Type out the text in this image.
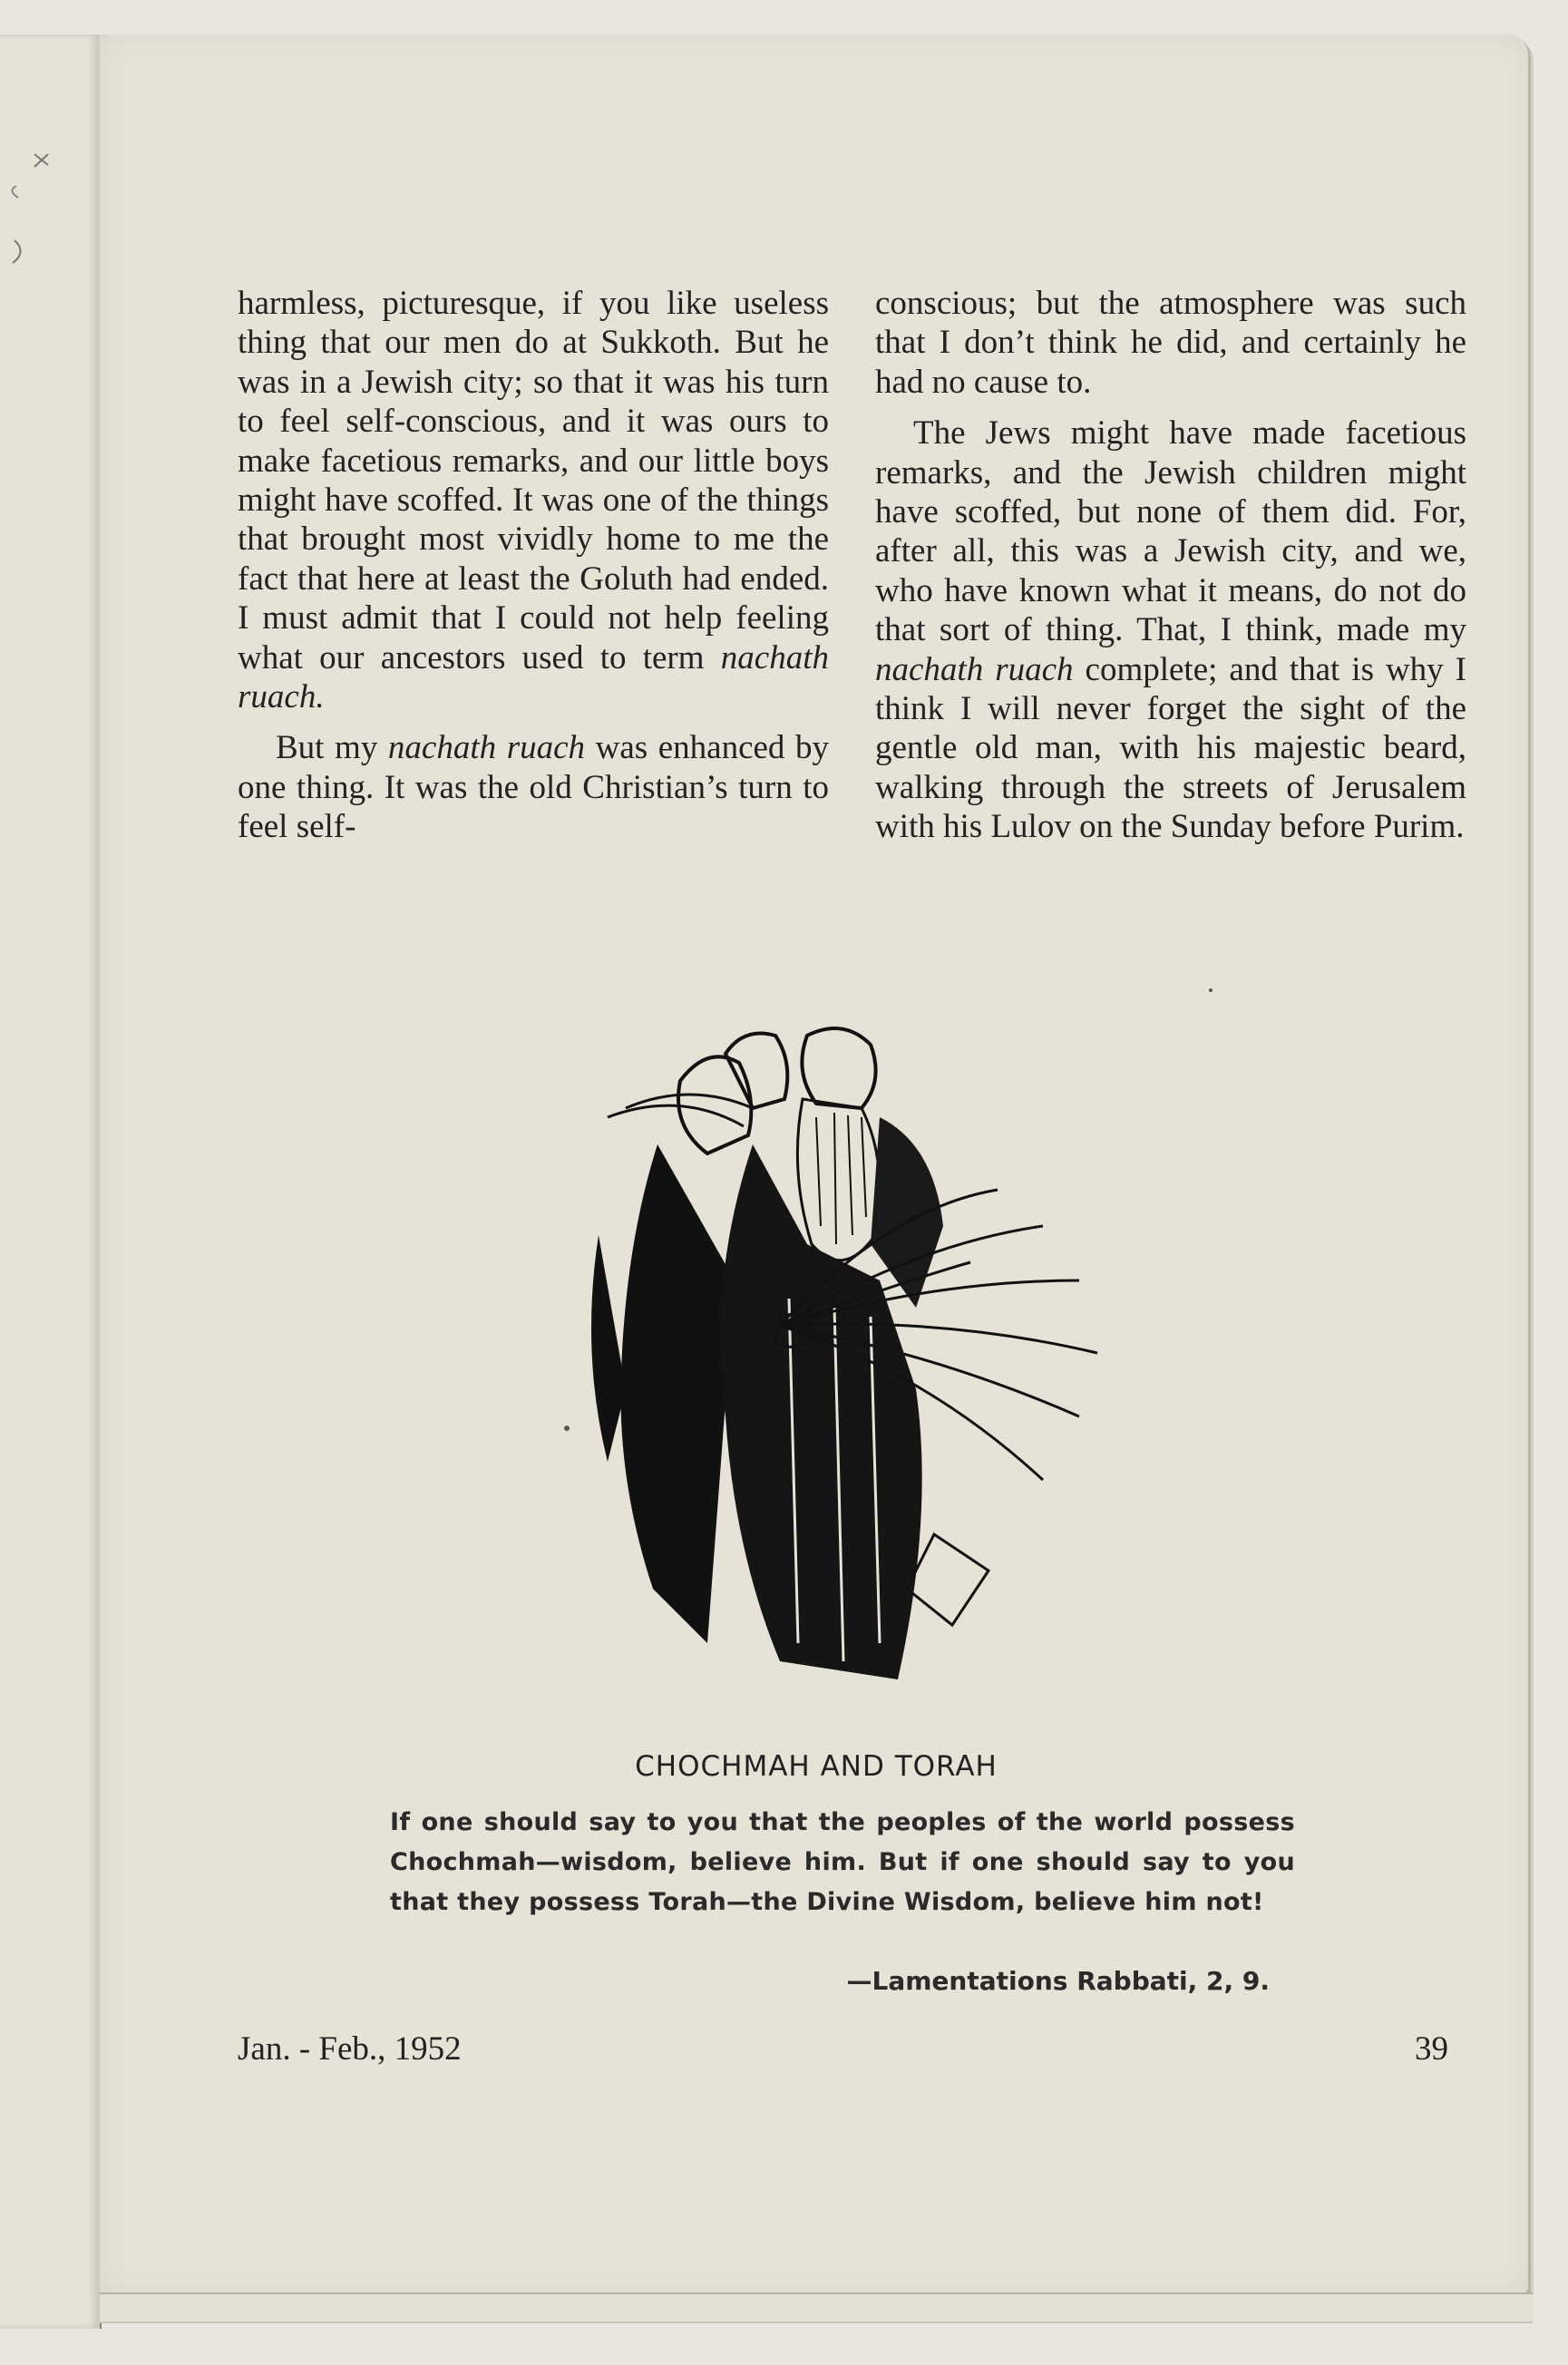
harmless, picturesque, if you like useless thing that our men do at Sukkoth. But he was in a Jewish city; so that it was his turn to feel self-conscious, and it was ours to make facetious remarks, and our little boys might have scoffed. It was one of the things that brought most vividly home to me the fact that here at least the Goluth had ended. I must admit that I could not help feeling what our ancestors used to term nachath ruach.

But my nachath ruach was enhanced by one thing. It was the old Christian’s turn to feel self-

conscious; but the atmosphere was such that I don’t think he did, and certainly he had no cause to.

The Jews might have made facetious remarks, and the Jewish children might have scoffed, but none of them did. For, after all, this was a Jewish city, and we, who have known what it means, do not do that sort of thing. That, I think, made my nachath ruach complete; and that is why I think I will never forget the sight of the gentle old man, with his majestic beard, walking through the streets of Jerusalem with his Lulov on the Sunday before Purim.

CHOCHMAH AND TORAH
If one should say to you that the peoples of the world possess Chochmah—wisdom, believe him. But if one should say to you that they possess Torah—the Divine Wisdom, believe him not!
—Lamentations Rabbati, 2, 9.
Jan. - Feb., 1952	39
